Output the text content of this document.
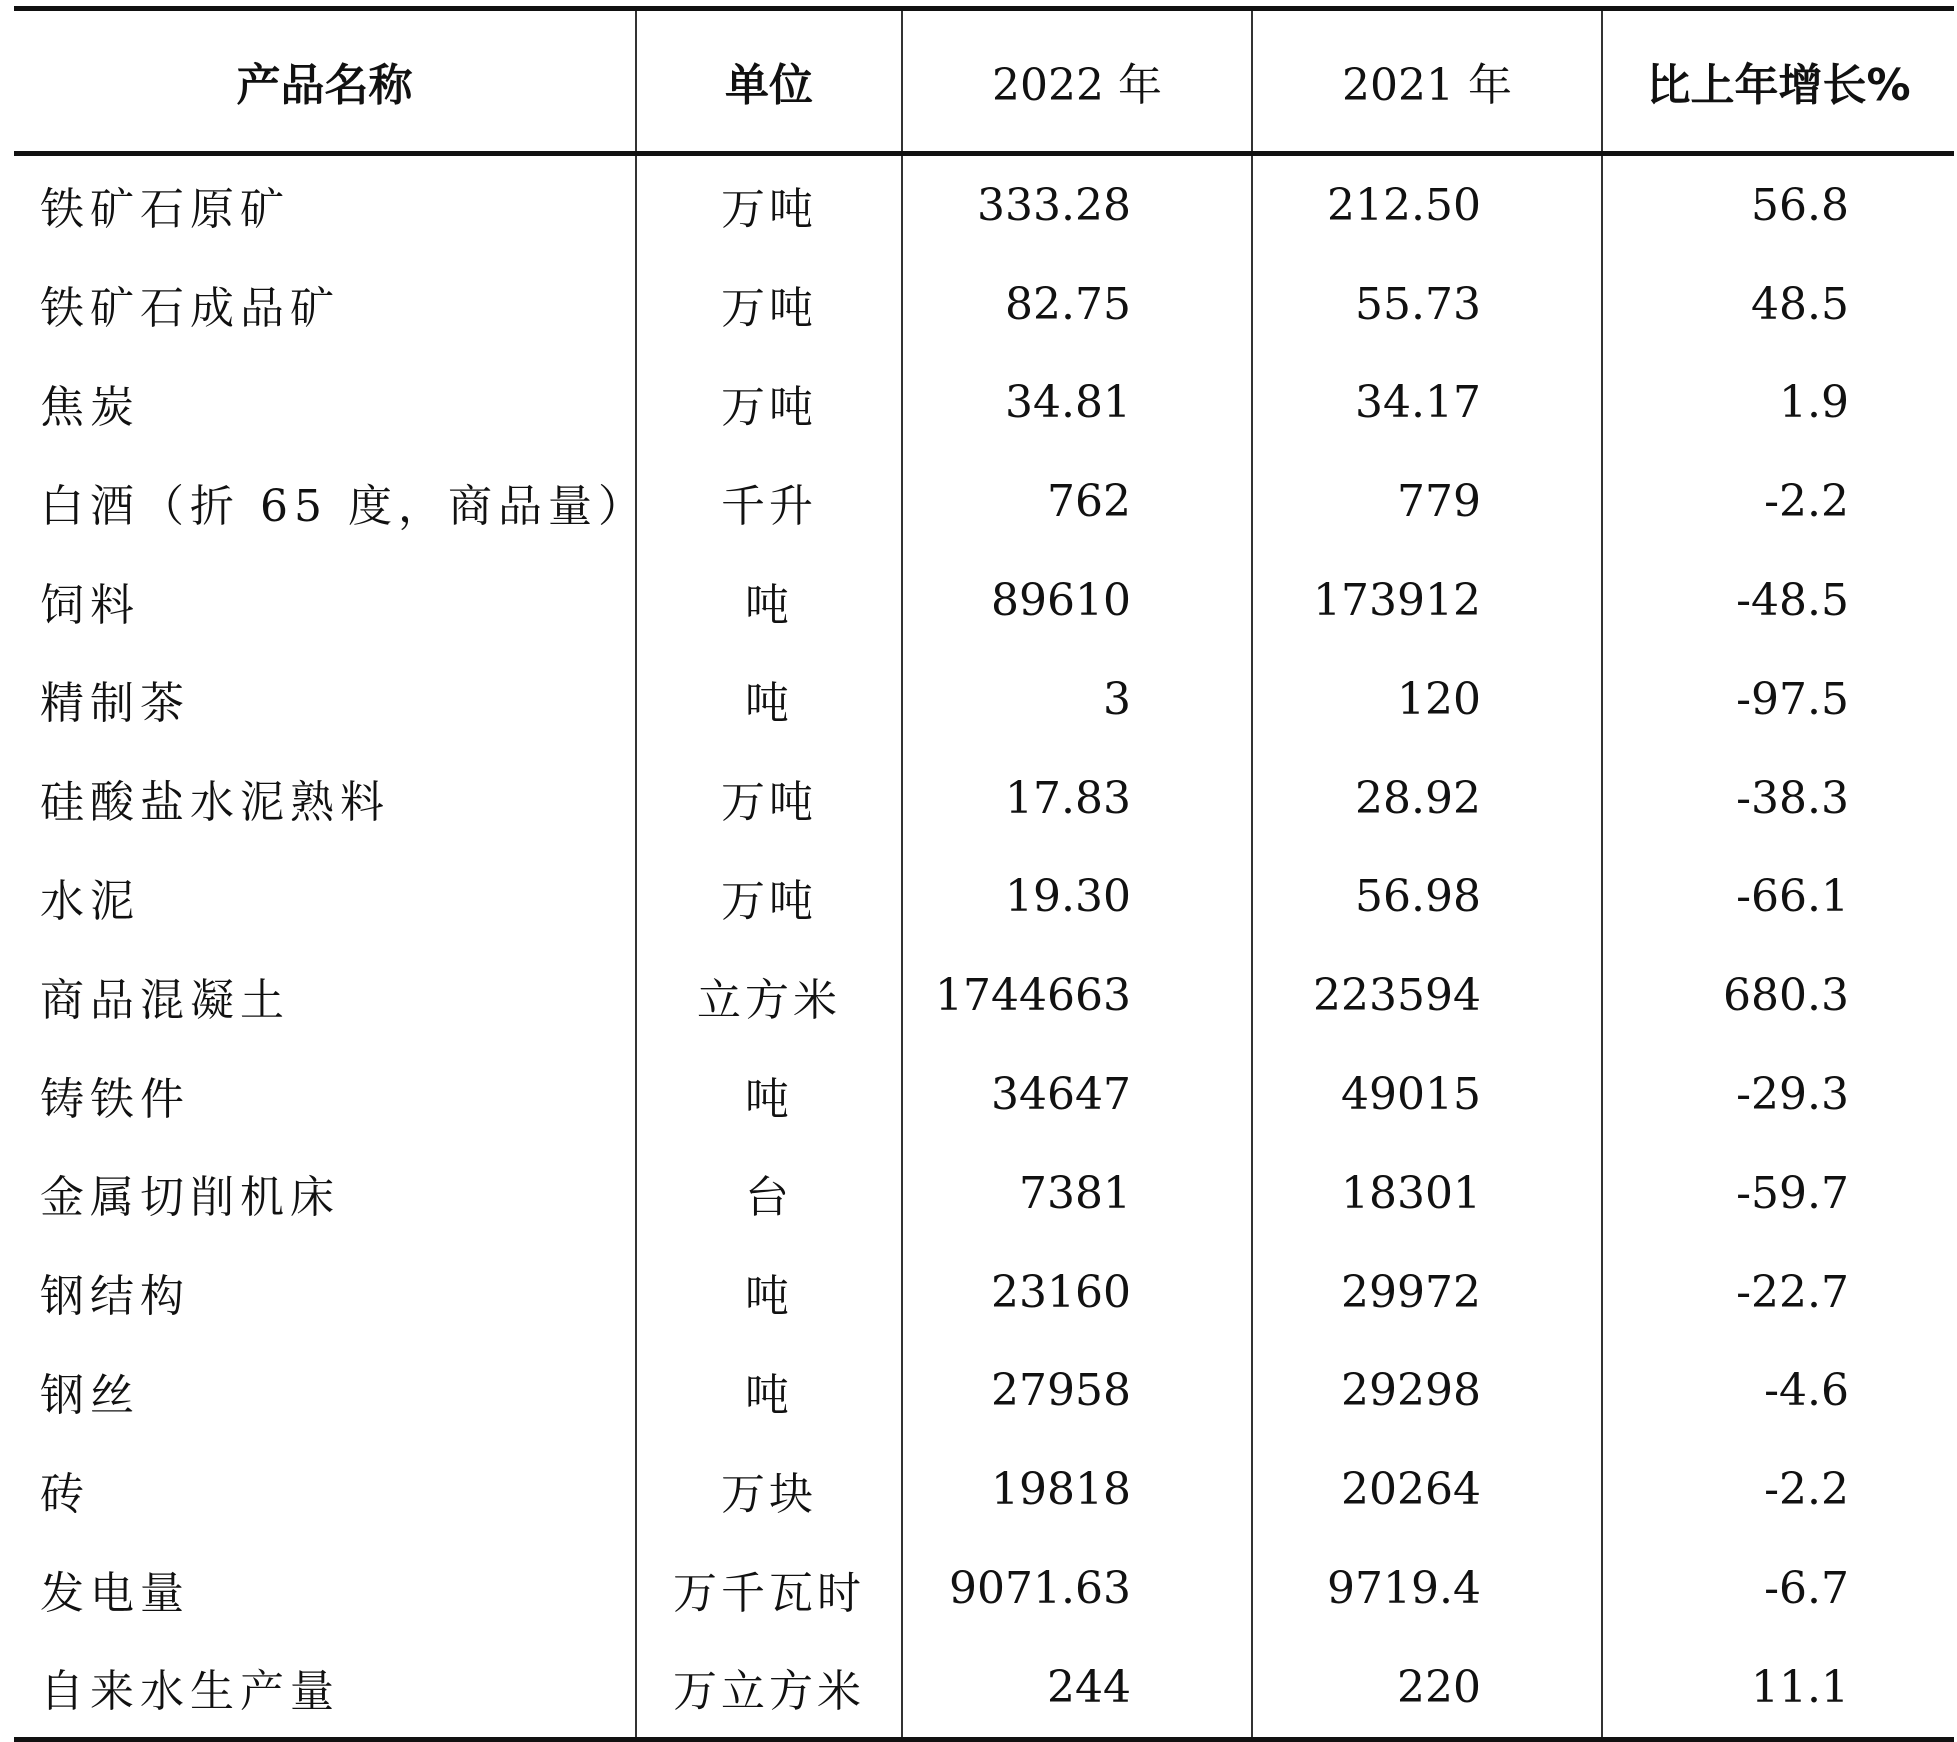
产品名称	单位	2022 年	2021 年	比上年增长%
铁矿石原矿	万吨	333.28	212.50	56.8
铁矿石成品矿	万吨	82.75	55.73	48.5
焦炭	万吨	34.81	34.17	1.9
白酒（折 65 度，商品量）	千升	762	779	-2.2
饲料	吨	89610	173912	-48.5
精制茶	吨	3	120	-97.5
硅酸盐水泥熟料	万吨	17.83	28.92	-38.3
水泥	万吨	19.30	56.98	-66.1
商品混凝土	立方米	1744663	223594	680.3
铸铁件	吨	34647	49015	-29.3
金属切削机床	台	7381	18301	-59.7
钢结构	吨	23160	29972	-22.7
钢丝	吨	27958	29298	-4.6
砖	万块	19818	20264	-2.2
发电量	万千瓦时	9071.63	9719.4	-6.7
自来水生产量	万立方米	244	220	11.1
